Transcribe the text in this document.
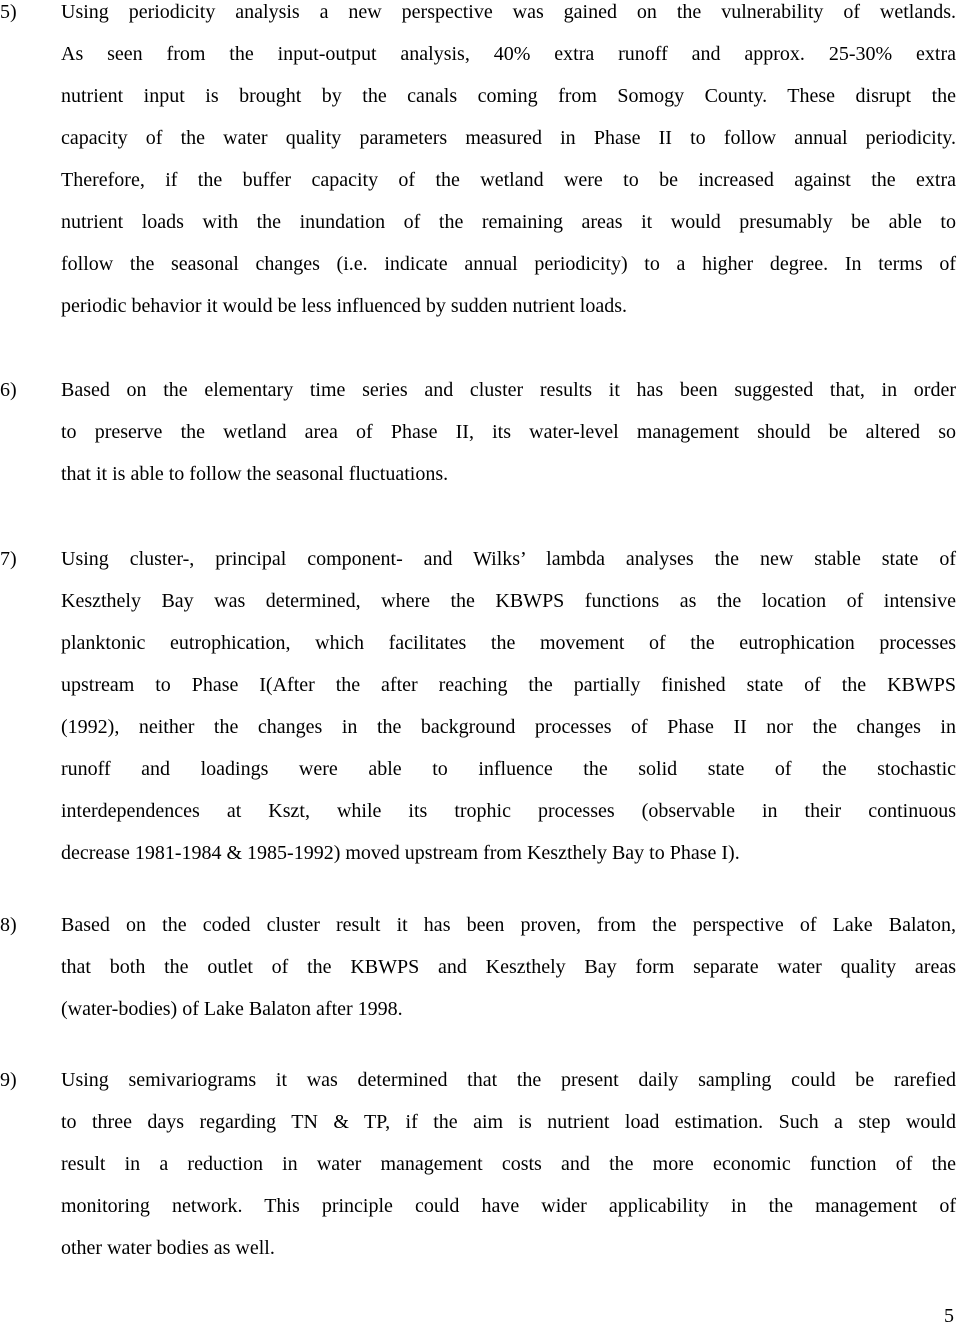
5)	Using periodicity analysis a new perspective was gained on the vulnerability of wetlands.
As seen from the input-output analysis, 40% extra runoff and approx. 25-30% extra
nutrient input is brought by the canals coming from Somogy County. These disrupt the
capacity of the water quality parameters measured in Phase II to follow annual periodicity.
Therefore, if the buffer capacity of the wetland were to be increased against the extra
nutrient loads with the inundation of the remaining areas it would presumably be able to
follow the seasonal changes (i.e. indicate annual periodicity) to a higher degree. In terms of
periodic behavior it would be less influenced by sudden nutrient loads.
6)	Based on the elementary time series and cluster results it has been suggested that, in order
to preserve the wetland area of Phase II, its water-level management should be altered so
that it is able to follow the seasonal fluctuations.
7)	Using cluster-, principal component- and Wilks’ lambda analyses the new stable state of
Keszthely Bay was determined, where the KBWPS functions as the location of intensive
planktonic eutrophication, which facilitates the movement of the eutrophication processes
upstream to Phase I(After the after reaching the partially finished state of the KBWPS
(1992), neither the changes in the background processes of Phase II nor the changes in
runoff and loadings were able to influence the solid state of the stochastic
interdependences at Kszt, while its trophic processes (observable in their continuous
decrease 1981-1984 & 1985-1992) moved upstream from Keszthely Bay to Phase I).
8)	Based on the coded cluster result it has been proven, from the perspective of Lake Balaton,
that both the outlet of the KBWPS and Keszthely Bay form separate water quality areas
(water-bodies) of Lake Balaton after 1998.
9)	Using semivariograms it was determined that the present daily sampling could be rarefied
to three days regarding TN & TP, if the aim is nutrient load estimation. Such a step would
result in a reduction in water management costs and the more economic function of the
monitoring network. This principle could have wider applicability in the management of
other water bodies as well.
5
